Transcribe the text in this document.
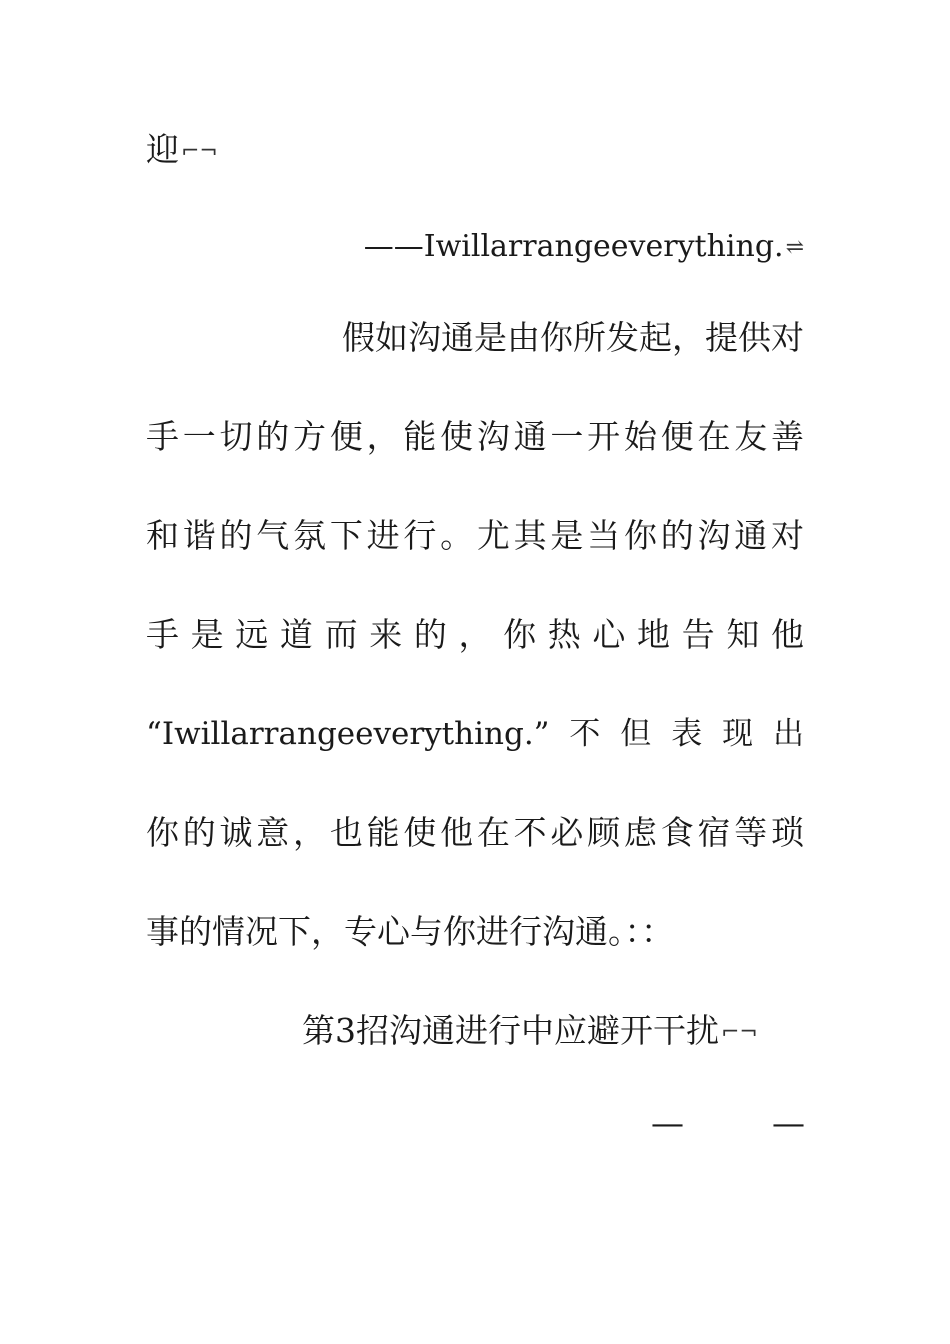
迎⌐¬
——Iwillarrangeeverything.⇌
假如沟通是由你所发起，提供对
手一切的方便，能使沟通一开始便在友善
和谐的气氛下进行。尤其是当你的沟通对
手 是 远 道 而 来 的 ， 你 热 心 地 告 知 他
“Iwillarrangeeverything.”不但表现出
你的诚意，也能使他在不必顾虑食宿等琐
事的情况下，专心与你进行沟通。：：
第3招沟通进行中应避开干扰⌐¬
—	—
